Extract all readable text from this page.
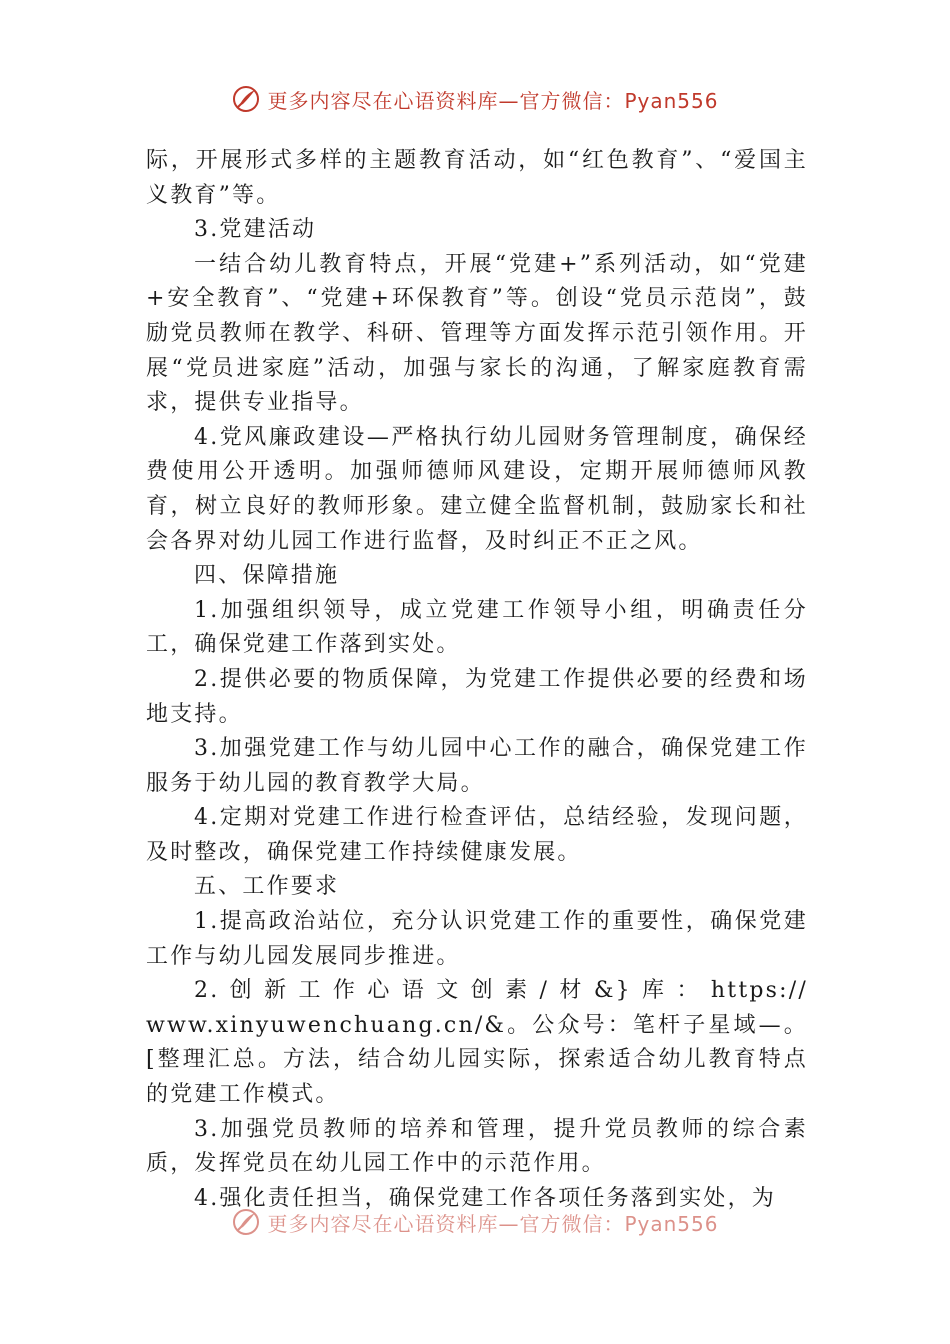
更多内容尽在心语资料库—官方微信：Pyan556

际，开展形式多样的主题教育活动，如“红色教育”、“爱国主义教育”等。

3.党建活动

一结合幼儿教育特点，开展“党建+”系列活动，如“党建+安全教育”、“党建+环保教育”等。创设“党员示范岗”，鼓励党员教师在教学、科研、管理等方面发挥示范引领作用。开展“党员进家庭”活动，加强与家长的沟通，了解家庭教育需求，提供专业指导。

4.党风廉政建设—严格执行幼儿园财务管理制度，确保经费使用公开透明。加强师德师风建设，定期开展师德师风教育，树立良好的教师形象。建立健全监督机制，鼓励家长和社会各界对幼儿园工作进行监督，及时纠正不正之风。

四、保障措施

1.加强组织领导，成立党建工作领导小组，明确责任分工，确保党建工作落到实处。

2.提供必要的物质保障，为党建工作提供必要的经费和场地支持。

3.加强党建工作与幼儿园中心工作的融合，确保党建工作服务于幼儿园的教育教学大局。

4.定期对党建工作进行检查评估，总结经验，发现问题，及时整改，确保党建工作持续健康发展。

五、工作要求

1.提高政治站位，充分认识党建工作的重要性，确保党建工作与幼儿园发展同步推进。

2.创新工作心语文创素/材&}库：https://

www.xinyuwenchuang.cn/&。公众号：笔杆子星域—。[整理汇总。方法，结合幼儿园实际，探索适合幼儿教育特点的党建工作模式。

3.加强党员教师的培养和管理，提升党员教师的综合素质，发挥党员在幼儿园工作中的示范作用。

4.强化责任担当，确保党建工作各项任务落到实处，为

更多内容尽在心语资料库—官方微信：Pyan556
